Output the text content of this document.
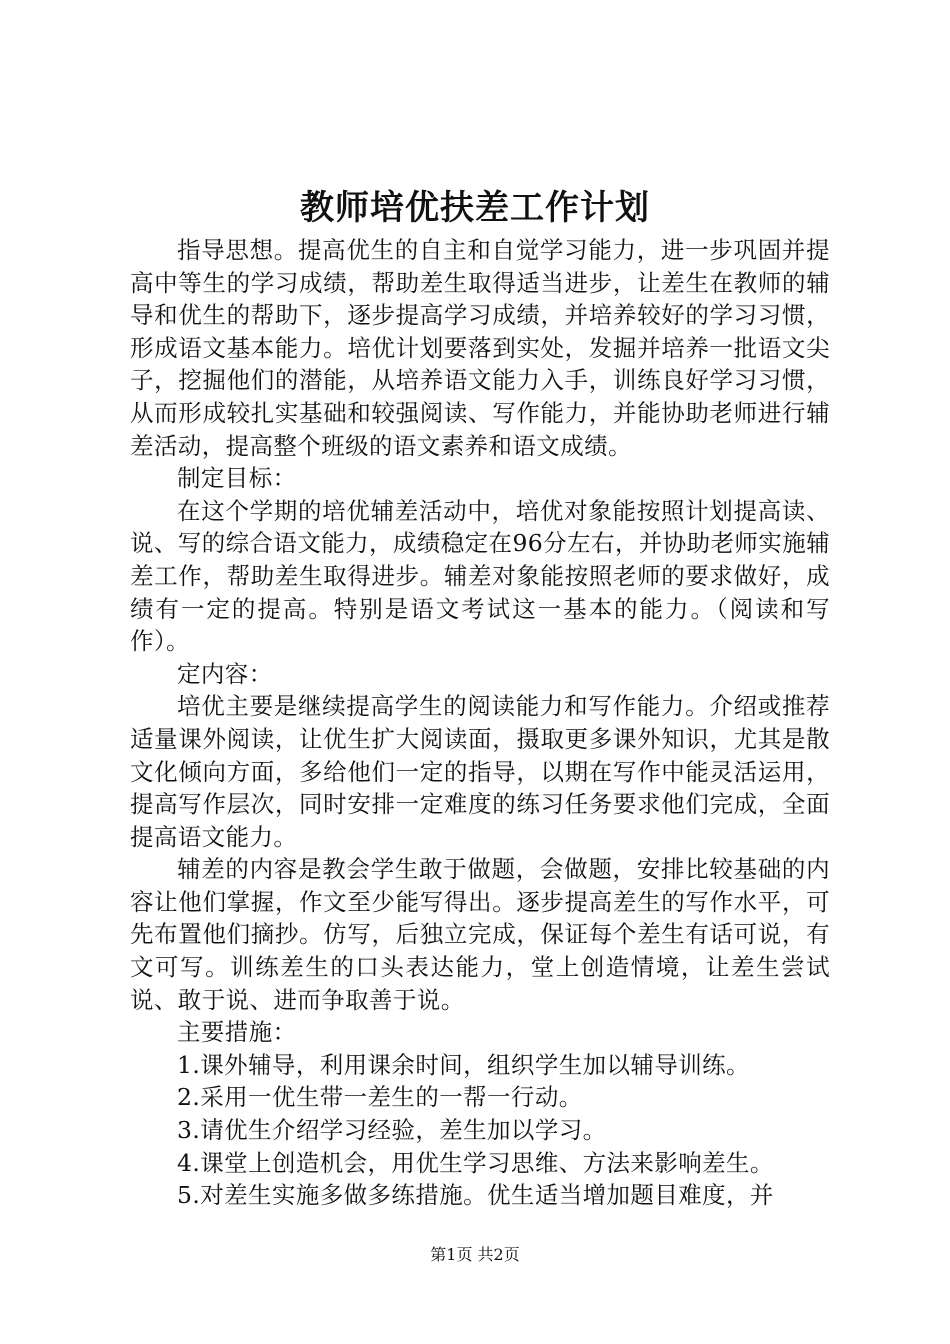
教师培优扶差工作计划

指导思想。提高优生的自主和自觉学习能力，进一步巩固并提高中等生的学习成绩，帮助差生取得适当进步，让差生在教师的辅导和优生的帮助下，逐步提高学习成绩，并培养较好的学习习惯，形成语文基本能力。培优计划要落到实处，发掘并培养一批语文尖子，挖掘他们的潜能，从培养语文能力入手，训练良好学习习惯，从而形成较扎实基础和较强阅读、写作能力，并能协助老师进行辅差活动，提高整个班级的语文素养和语文成绩。

制定目标：

在这个学期的培优辅差活动中，培优对象能按照计划提高读、说、写的综合语文能力，成绩稳定在96分左右，并协助老师实施辅差工作，帮助差生取得进步。辅差对象能按照老师的要求做好，成绩有一定的提高。特别是语文考试这一基本的能力。（阅读和写作）。

定内容：

培优主要是继续提高学生的阅读能力和写作能力。介绍或推荐适量课外阅读，让优生扩大阅读面，摄取更多课外知识，尤其是散文化倾向方面，多给他们一定的指导，以期在写作中能灵活运用，提高写作层次，同时安排一定难度的练习任务要求他们完成，全面提高语文能力。

辅差的内容是教会学生敢于做题，会做题，安排比较基础的内容让他们掌握，作文至少能写得出。逐步提高差生的写作水平，可先布置他们摘抄。仿写，后独立完成，保证每个差生有话可说，有文可写。训练差生的口头表达能力，堂上创造情境，让差生尝试说、敢于说、进而争取善于说。

主要措施：

1.课外辅导，利用课余时间，组织学生加以辅导训练。

2.采用一优生带一差生的一帮一行动。

3.请优生介绍学习经验，差生加以学习。

4.课堂上创造机会，用优生学习思维、方法来影响差生。

5.对差生实施多做多练措施。优生适当增加题目难度，并

第1页 共2页
